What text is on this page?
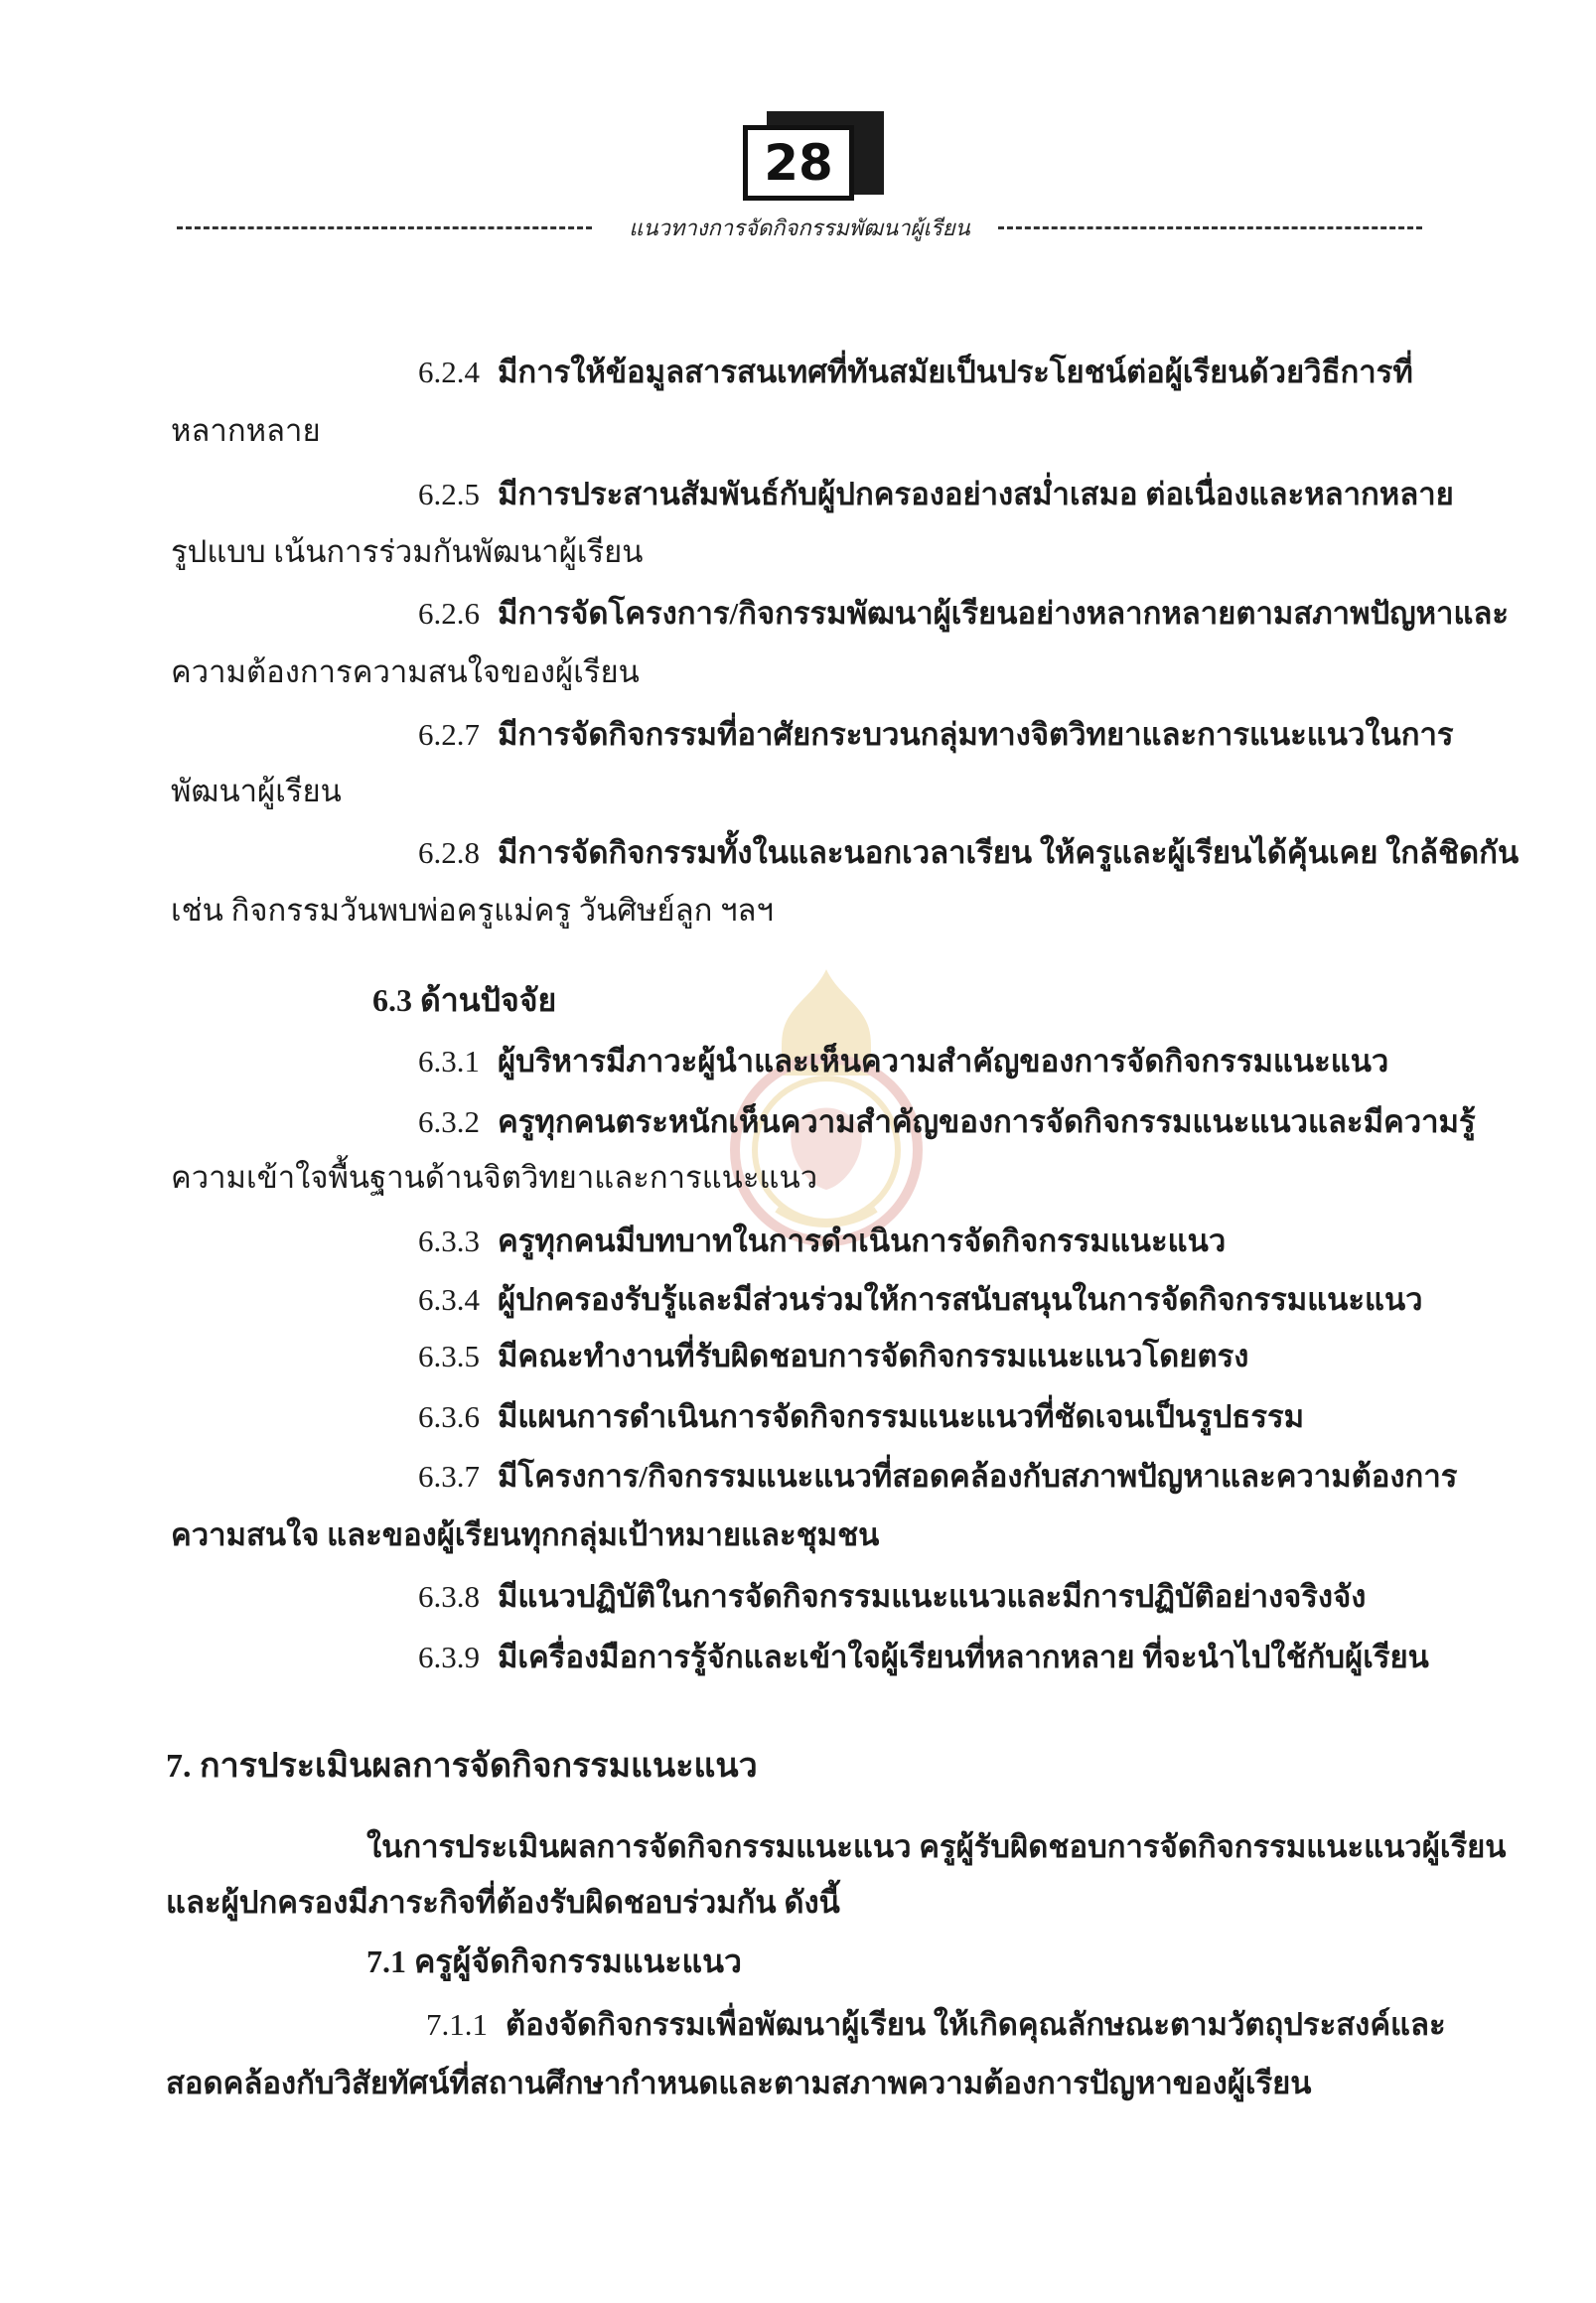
28
แนวทางการจัดกิจกรรมพัฒนาผู้เรียน
6.2.4 มีการให้ข้อมูลสารสนเทศที่ทันสมัยเป็นประโยชน์ต่อผู้เรียนด้วยวิธีการที่
หลากหลาย
6.2.5 มีการประสานสัมพันธ์กับผู้ปกครองอย่างสม่ำเสมอ ต่อเนื่องและหลากหลาย
รูปแบบ เน้นการร่วมกันพัฒนาผู้เรียน
6.2.6 มีการจัดโครงการ/กิจกรรมพัฒนาผู้เรียนอย่างหลากหลายตามสภาพปัญหาและ
ความต้องการความสนใจของผู้เรียน
6.2.7 มีการจัดกิจกรรมที่อาศัยกระบวนกลุ่มทางจิตวิทยาและการแนะแนวในการ
พัฒนาผู้เรียน
6.2.8 มีการจัดกิจกรรมทั้งในและนอกเวลาเรียน ให้ครูและผู้เรียนได้คุ้นเคย ใกล้ชิดกัน
เช่น กิจกรรมวันพบพ่อครูแม่ครู วันศิษย์ลูก ฯลฯ
6.3 ด้านปัจจัย
6.3.1 ผู้บริหารมีภาวะผู้นำและเห็นความสำคัญของการจัดกิจกรรมแนะแนว
6.3.2 ครูทุกคนตระหนักเห็นความสำคัญของการจัดกิจกรรมแนะแนวและมีความรู้
ความเข้าใจพื้นฐานด้านจิตวิทยาและการแนะแนว
6.3.3 ครูทุกคนมีบทบาทในการดำเนินการจัดกิจกรรมแนะแนว
6.3.4 ผู้ปกครองรับรู้และมีส่วนร่วมให้การสนับสนุนในการจัดกิจกรรมแนะแนว
6.3.5 มีคณะทำงานที่รับผิดชอบการจัดกิจกรรมแนะแนวโดยตรง
6.3.6 มีแผนการดำเนินการจัดกิจกรรมแนะแนวที่ชัดเจนเป็นรูปธรรม
6.3.7 มีโครงการ/กิจกรรมแนะแนวที่สอดคล้องกับสภาพปัญหาและความต้องการ
ความสนใจ และของผู้เรียนทุกกลุ่มเป้าหมายและชุมชน
6.3.8 มีแนวปฏิบัติในการจัดกิจกรรมแนะแนวและมีการปฏิบัติอย่างจริงจัง
6.3.9 มีเครื่องมือการรู้จักและเข้าใจผู้เรียนที่หลากหลาย ที่จะนำไปใช้กับผู้เรียน
7. การประเมินผลการจัดกิจกรรมแนะแนว
ในการประเมินผลการจัดกิจกรรมแนะแนว ครูผู้รับผิดชอบการจัดกิจกรรมแนะแนวผู้เรียน
และผู้ปกครองมีภาระกิจที่ต้องรับผิดชอบร่วมกัน ดังนี้
7.1 ครูผู้จัดกิจกรรมแนะแนว
7.1.1 ต้องจัดกิจกรรมเพื่อพัฒนาผู้เรียน ให้เกิดคุณลักษณะตามวัตถุประสงค์และ
สอดคล้องกับวิสัยทัศน์ที่สถานศึกษากำหนดและตามสภาพความต้องการปัญหาของผู้เรียน
